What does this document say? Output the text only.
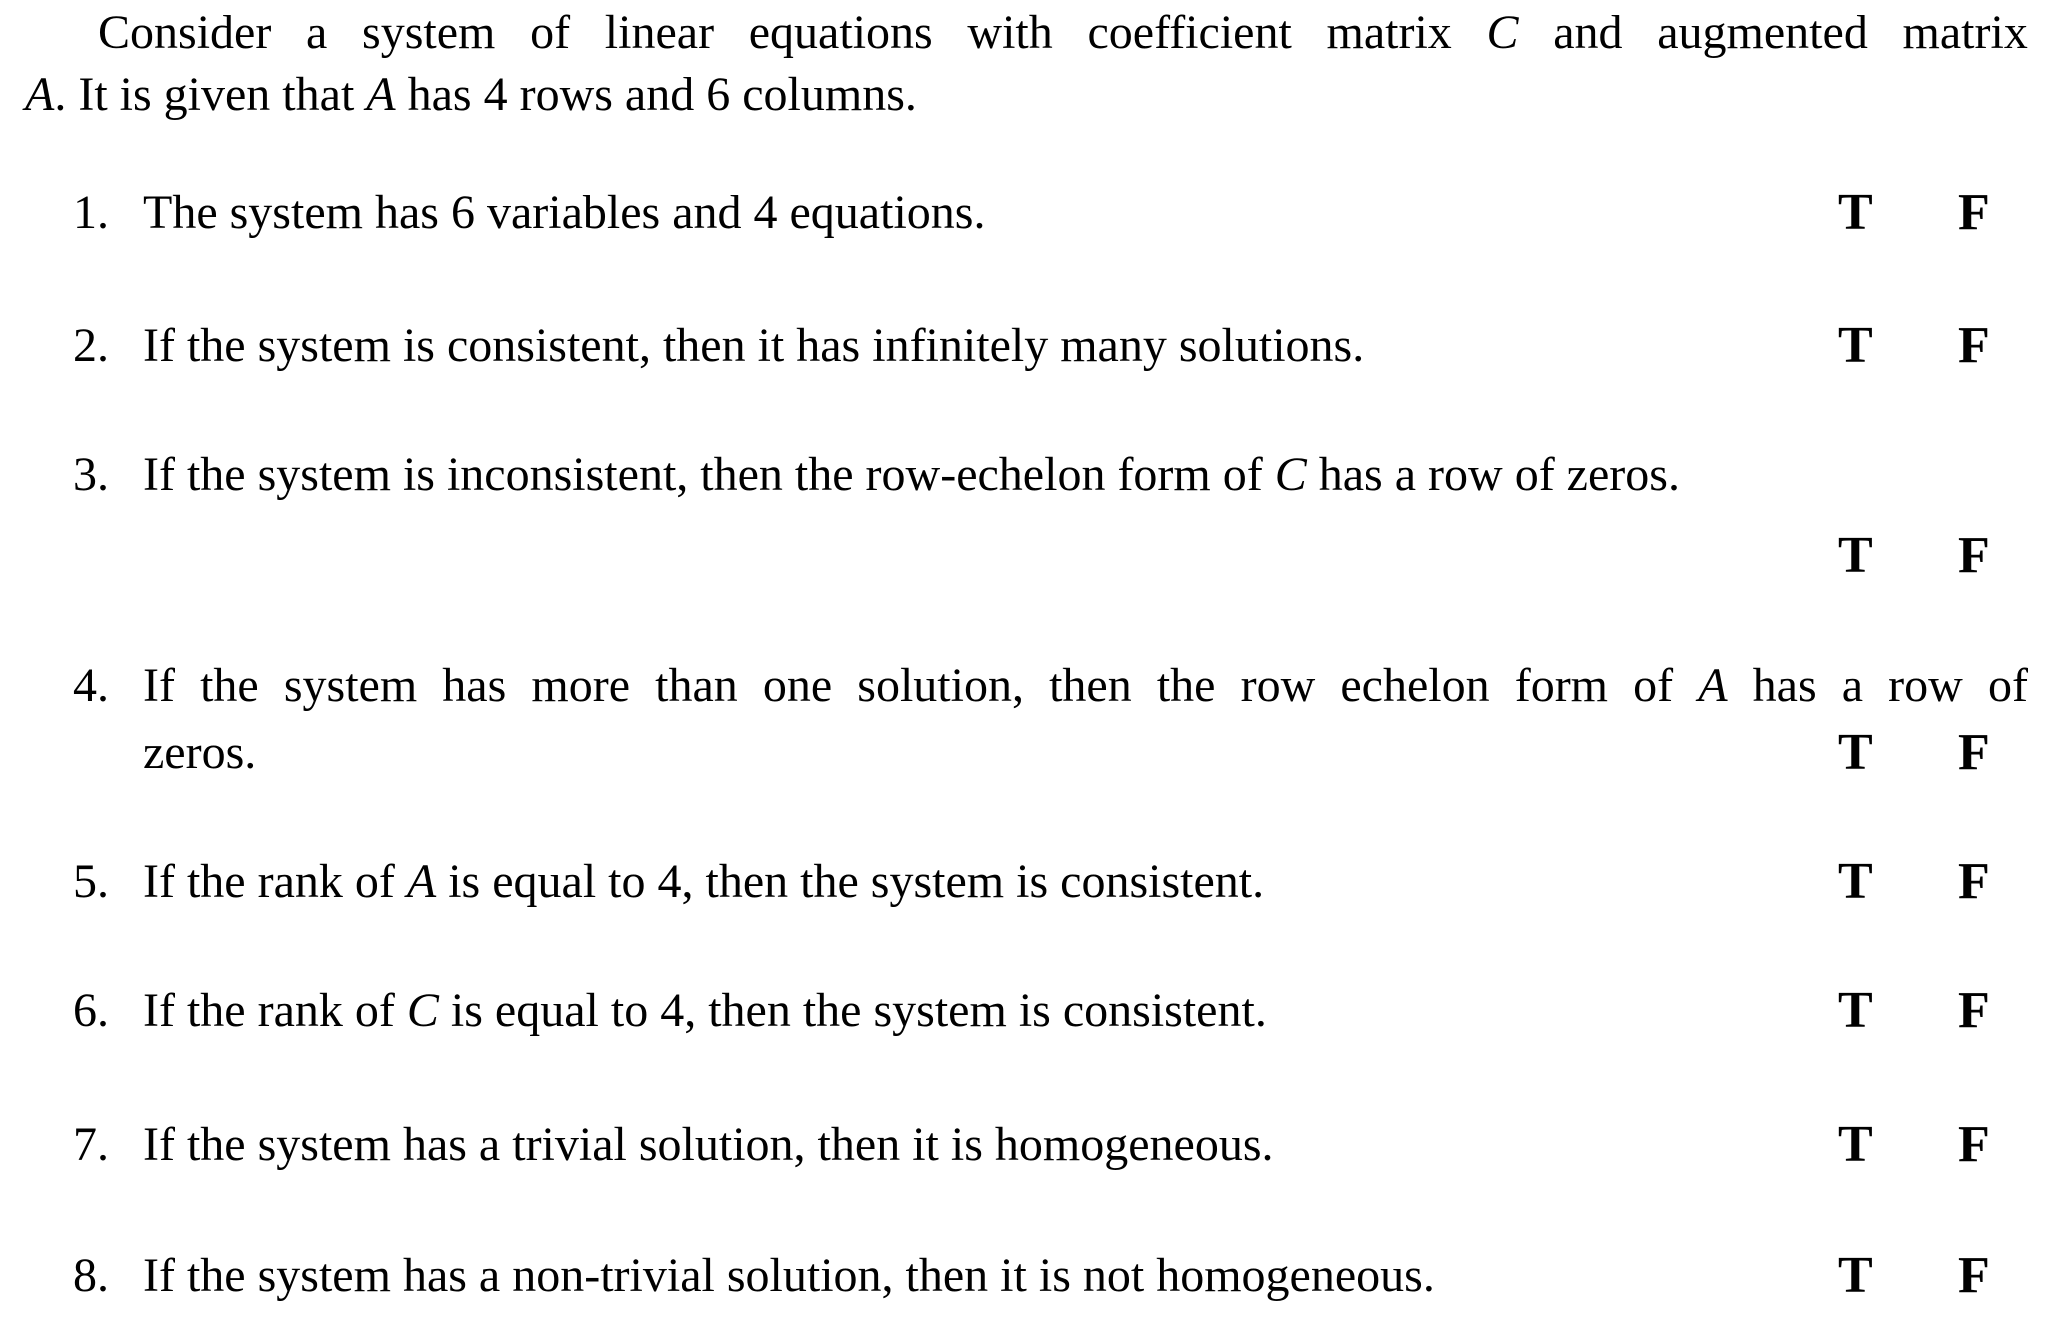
Consider a system of linear equations with coefficient matrix C and augmented matrix
A. It is given that A has 4 rows and 6 columns.
1. The system has 6 variables and 4 equations.	T F
2. If the system is consistent, then it has infinitely many solutions.	T F
3. If the system is inconsistent, then the row-echelon form of C has a row of zeros.
T F
4. If the system has more than one solution, then the row echelon form of A has a row of
zeros.	T F
5. If the rank of A is equal to 4, then the system is consistent.	T F
6. If the rank of C is equal to 4, then the system is consistent.	T F
7. If the system has a trivial solution, then it is homogeneous.	T F
8. If the system has a non-trivial solution, then it is not homogeneous.	T F
